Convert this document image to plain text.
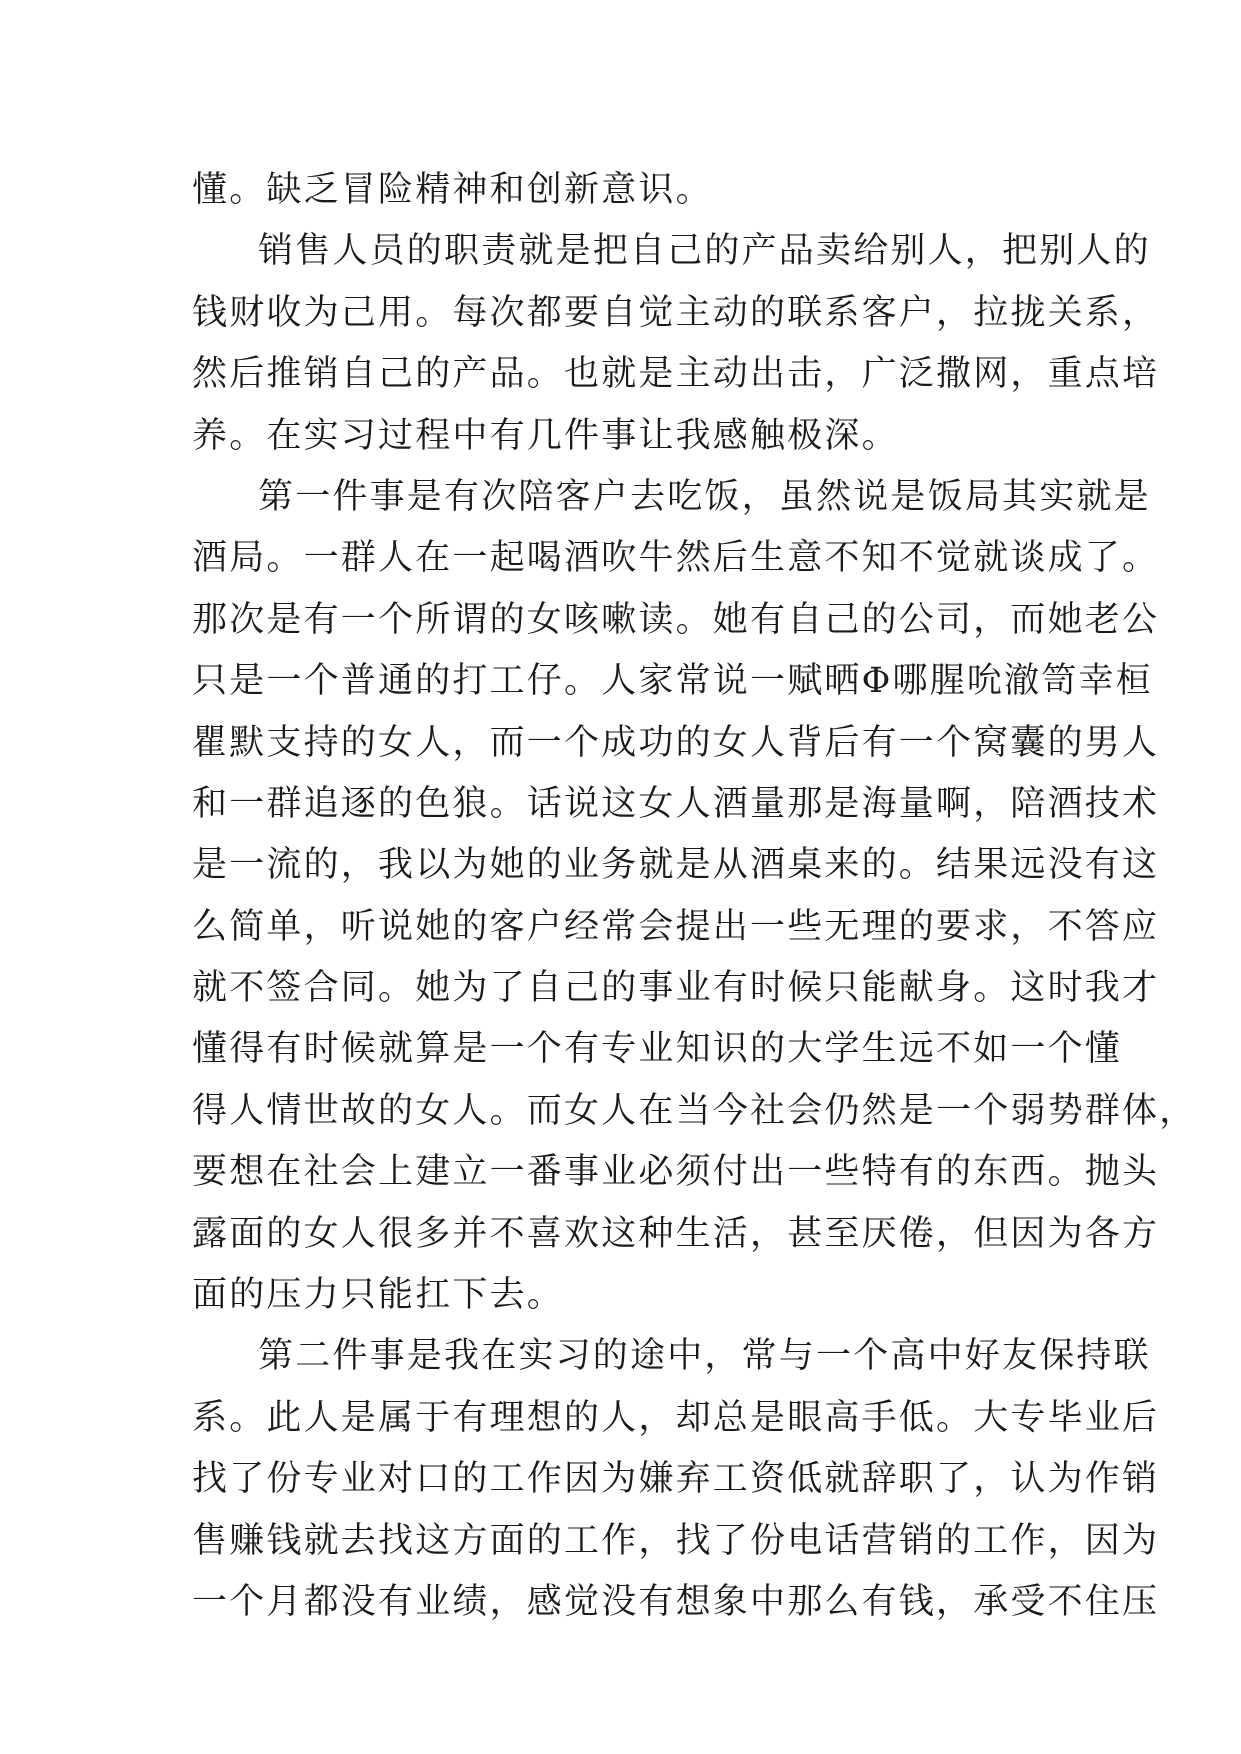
懂。缺乏冒险精神和创新意识。
销售人员的职责就是把自己的产品卖给别人，把别人的
钱财收为己用。每次都要自觉主动的联系客户，拉拢关系，
然后推销自己的产品。也就是主动出击，广泛撒网，重点培
养。在实习过程中有几件事让我感触极深。
第一件事是有次陪客户去吃饭，虽然说是饭局其实就是
酒局。一群人在一起喝酒吹牛然后生意不知不觉就谈成了。
那次是有一个所谓的女咳嗽读。她有自己的公司，而她老公
只是一个普通的打工仔。人家常说一赋晒Φ哪腥吮澈笥幸桓
瞿默支持的女人，而一个成功的女人背后有一个窝囊的男人
和一群追逐的色狼。话说这女人酒量那是海量啊，陪酒技术
是一流的，我以为她的业务就是从酒桌来的。结果远没有这
么简单，听说她的客户经常会提出一些无理的要求，不答应
就不签合同。她为了自己的事业有时候只能献身。这时我才
懂得有时候就算是一个有专业知识的大学生远不如一个懂
得人情世故的女人。而女人在当今社会仍然是一个弱势群体，
要想在社会上建立一番事业必须付出一些特有的东西。抛头
露面的女人很多并不喜欢这种生活，甚至厌倦，但因为各方
面的压力只能扛下去。
第二件事是我在实习的途中，常与一个高中好友保持联
系。此人是属于有理想的人，却总是眼高手低。大专毕业后
找了份专业对口的工作因为嫌弃工资低就辞职了，认为作销
售赚钱就去找这方面的工作，找了份电话营销的工作，因为
一个月都没有业绩，感觉没有想象中那么有钱，承受不住压
